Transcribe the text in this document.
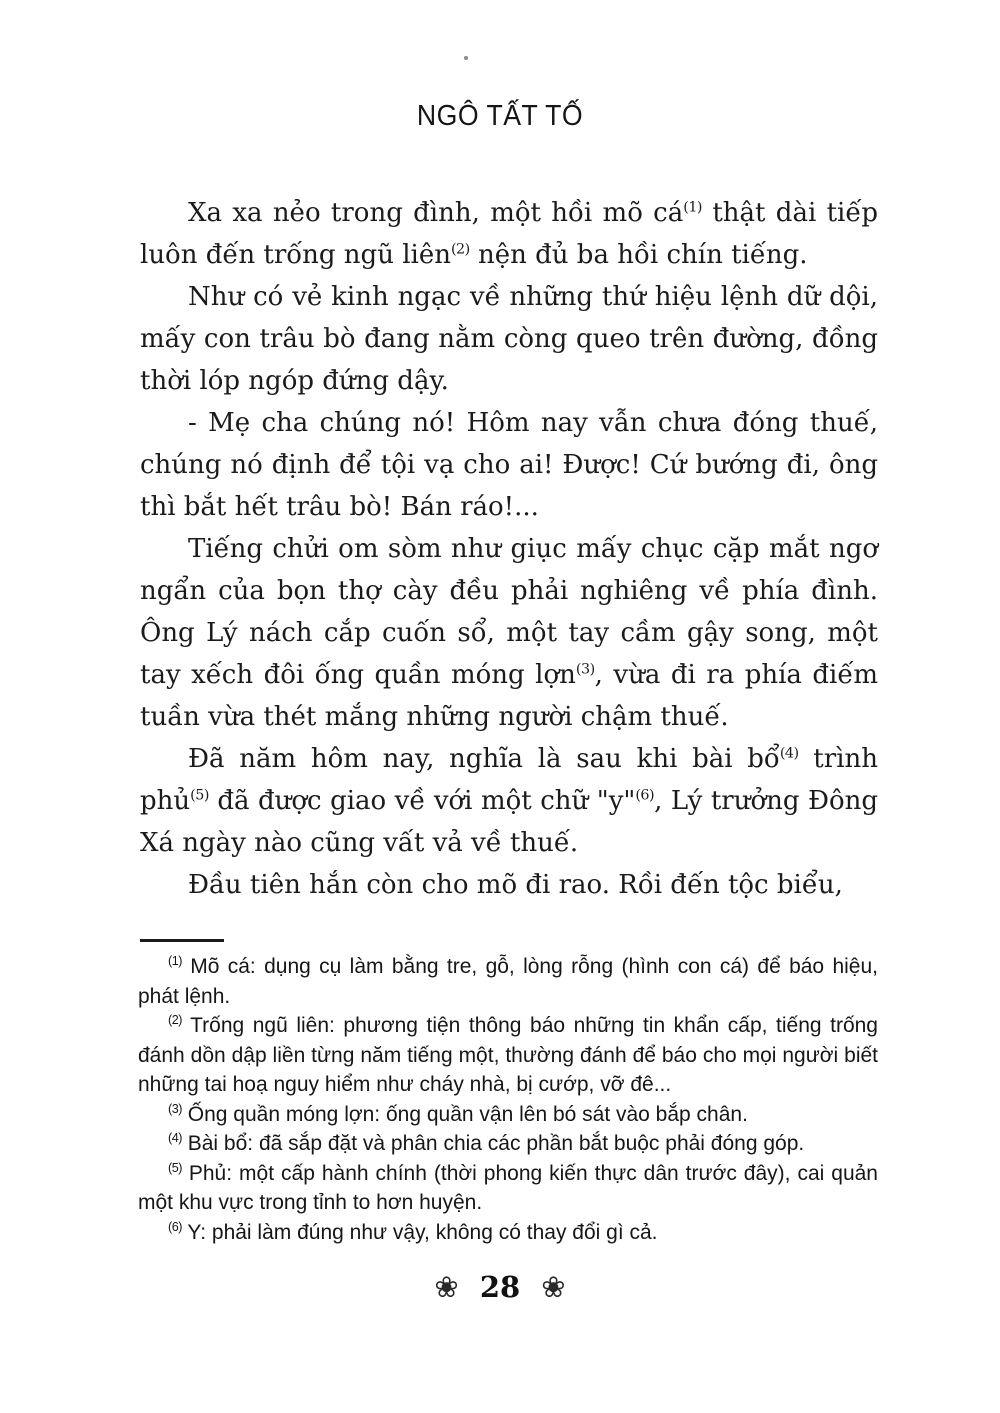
NGÔ TẤT TỐ

Xa xa nẻo trong đình, một hồi mõ cá$^{(1)}$ thật dài tiếp luôn đến trống ngũ liên$^{(2)}$ nện đủ ba hồi chín tiếng.

Như có vẻ kinh ngạc về những thứ hiệu lệnh dữ dội, mấy con trâu bò đang nằm còng queo trên đường, đồng thời lóp ngóp đứng dậy.

- Mẹ cha chúng nó! Hôm nay vẫn chưa đóng thuế, chúng nó định để tội vạ cho ai! Được! Cứ bướng đi, ông thì bắt hết trâu bò! Bán ráo!...

Tiếng chửi om sòm như giục mấy chục cặp mắt ngơ ngẩn của bọn thợ cày đều phải nghiêng về phía đình. Ông Lý nách cắp cuốn sổ, một tay cầm gậy song, một tay xếch đôi ống quần móng lợn$^{(3)}$, vừa đi ra phía điếm tuần vừa thét mắng những người chậm thuế.

Đã năm hôm nay, nghĩa là sau khi bài bổ$^{(4)}$ trình phủ$^{(5)}$ đã được giao về với một chữ "y"$^{(6)}$, Lý trưởng Đông Xá ngày nào cũng vất vả về thuế.

Đầu tiên hắn còn cho mõ đi rao. Rồi đến tộc biểu,

$^{(1)}$ Mõ cá: dụng cụ làm bằng tre, gỗ, lòng rỗng (hình con cá) để báo hiệu, phát lệnh.

$^{(2)}$ Trống ngũ liên: phương tiện thông báo những tin khẩn cấp, tiếng trống đánh dồn dập liền từng năm tiếng một, thường đánh để báo cho mọi người biết những tai hoạ nguy hiểm như cháy nhà, bị cướp, vỡ đê...

$^{(3)}$ Ống quần móng lợn: ống quần vận lên bó sát vào bắp chân.

$^{(4)}$ Bài bổ: đã sắp đặt và phân chia các phần bắt buộc phải đóng góp.

$^{(5)}$ Phủ: một cấp hành chính (thời phong kiến thực dân trước đây), cai quản một khu vực trong tỉnh to hơn huyện.

$^{(6)}$ Y: phải làm đúng như vậy, không có thay đổi gì cả.

❀ 28 ❀
